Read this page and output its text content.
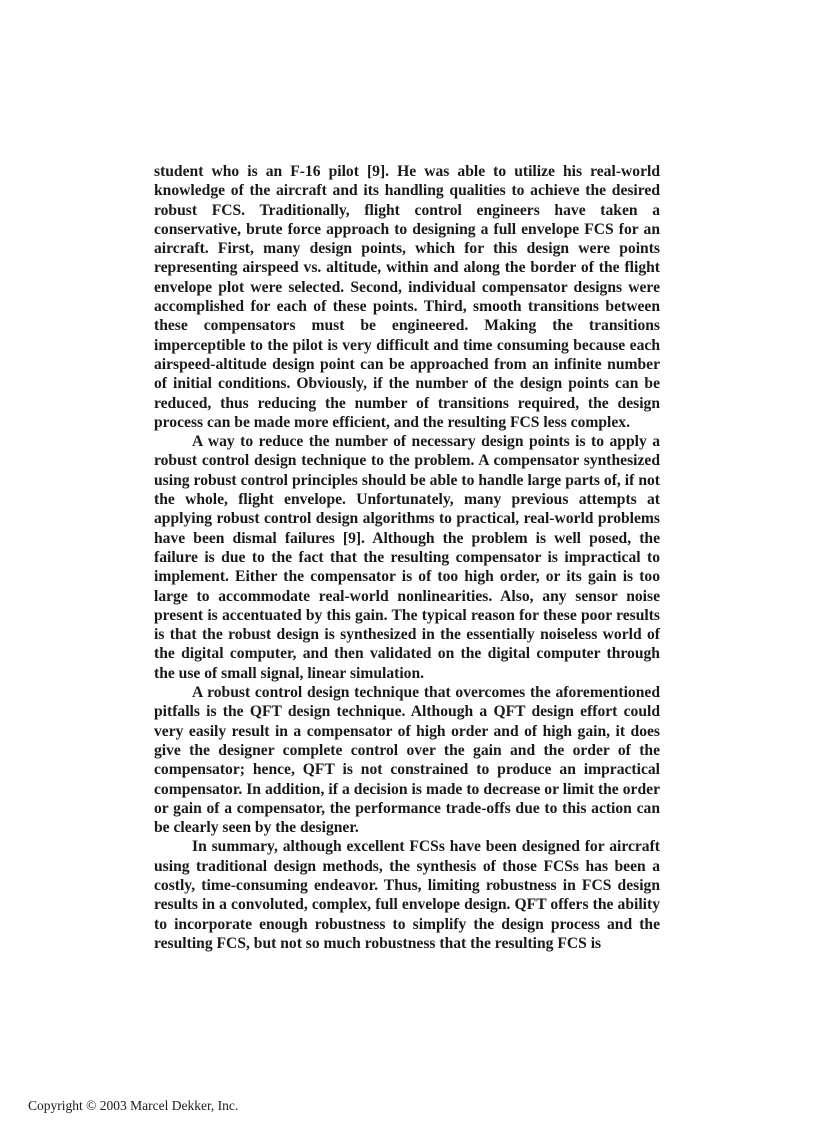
student who is an F-16 pilot [9]. He was able to utilize his real-world knowledge of the aircraft and its handling qualities to achieve the desired robust FCS. Traditionally, flight control engineers have taken a conservative, brute force approach to designing a full envelope FCS for an aircraft. First, many design points, which for this design were points representing airspeed vs. altitude, within and along the border of the flight envelope plot were selected. Second, individual compensator designs were accomplished for each of these points. Third, smooth transitions between these compensators must be engineered. Making the transitions imperceptible to the pilot is very difficult and time consuming because each airspeed-altitude design point can be approached from an infinite number of initial conditions. Obviously, if the number of the design points can be reduced, thus reducing the number of transitions required, the design process can be made more efficient, and the resulting FCS less complex.

A way to reduce the number of necessary design points is to apply a robust control design technique to the problem. A compensator synthesized using robust control principles should be able to handle large parts of, if not the whole, flight envelope. Unfortunately, many previous attempts at applying robust control design algorithms to practical, real-world problems have been dismal failures [9]. Although the problem is well posed, the failure is due to the fact that the resulting compensator is impractical to implement. Either the compensator is of too high order, or its gain is too large to accommodate real-world nonlinearities. Also, any sensor noise present is accentuated by this gain. The typical reason for these poor results is that the robust design is synthesized in the essentially noiseless world of the digital computer, and then validated on the digital computer through the use of small signal, linear simulation.

A robust control design technique that overcomes the aforementioned pitfalls is the QFT design technique. Although a QFT design effort could very easily result in a compensator of high order and of high gain, it does give the designer complete control over the gain and the order of the compensator; hence, QFT is not constrained to produce an impractical compensator. In addition, if a decision is made to decrease or limit the order or gain of a compensator, the performance trade-offs due to this action can be clearly seen by the designer.

In summary, although excellent FCSs have been designed for aircraft using traditional design methods, the synthesis of those FCSs has been a costly, time-consuming endeavor. Thus, limiting robustness in FCS design results in a convoluted, complex, full envelope design. QFT offers the ability to incorporate enough robustness to simplify the design process and the resulting FCS, but not so much robustness that the resulting FCS is

Copyright © 2003 Marcel Dekker, Inc.
